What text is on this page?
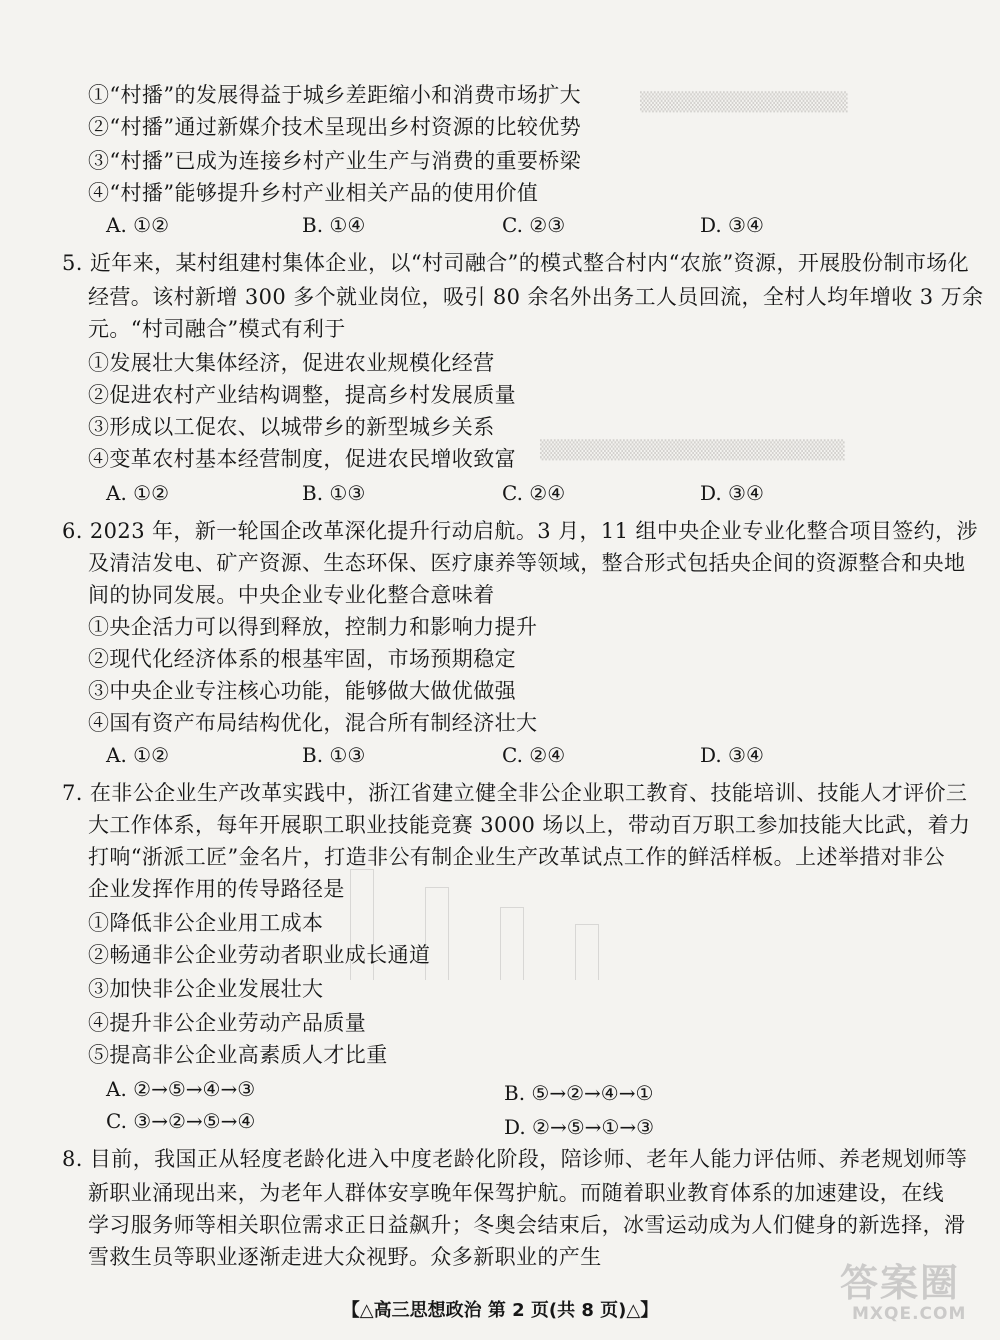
▒▒▒▒▒▒▒▒▒▒▒▒▒▒▒
▒▒▒▒▒▒▒▒▒▒▒▒▒▒▒▒▒▒▒▒▒▒
①“村播”的发展得益于城乡差距缩小和消费市场扩大
②“村播”通过新媒介技术呈现出乡村资源的比较优势
③“村播”已成为连接乡村产业生产与消费的重要桥梁
④“村播”能够提升乡村产业相关产品的使用价值
A. ①②	B. ①④	C. ②③	D. ③④
5. 近年来，某村组建村集体企业，以“村司融合”的模式整合村内“农旅”资源，开展股份制市场化
经营。该村新增 300 多个就业岗位，吸引 80 余名外出务工人员回流，全村人均年增收 3 万余
元。“村司融合”模式有利于
①发展壮大集体经济，促进农业规模化经营
②促进农村产业结构调整，提高乡村发展质量
③形成以工促农、以城带乡的新型城乡关系
④变革农村基本经营制度，促进农民增收致富
A. ①②	B. ①③	C. ②④	D. ③④
6. 2023 年，新一轮国企改革深化提升行动启航。3 月，11 组中央企业专业化整合项目签约，涉
及清洁发电、矿产资源、生态环保、医疗康养等领域，整合形式包括央企间的资源整合和央地
间的协同发展。中央企业专业化整合意味着
①央企活力可以得到释放，控制力和影响力提升
②现代化经济体系的根基牢固，市场预期稳定
③中央企业专注核心功能，能够做大做优做强
④国有资产布局结构优化，混合所有制经济壮大
A. ①②	B. ①③	C. ②④	D. ③④
7. 在非公企业生产改革实践中，浙江省建立健全非公企业职工教育、技能培训、技能人才评价三
大工作体系，每年开展职工职业技能竞赛 3000 场以上，带动百万职工参加技能大比武，着力
打响“浙派工匠”金名片，打造非公有制企业生产改革试点工作的鲜活样板。上述举措对非公
企业发挥作用的传导路径是
①降低非公企业用工成本
②畅通非公企业劳动者职业成长通道
③加快非公企业发展壮大
④提升非公企业劳动产品质量
⑤提高非公企业高素质人才比重
A. ②→⑤→④→③	B. ⑤→②→④→①
C. ③→②→⑤→④	D. ②→⑤→①→③
8. 目前，我国正从轻度老龄化进入中度老龄化阶段，陪诊师、老年人能力评估师、养老规划师等
新职业涌现出来，为老年人群体安享晚年保驾护航。而随着职业教育体系的加速建设，在线
学习服务师等相关职位需求正日益飙升；冬奥会结束后，冰雪运动成为人们健身的新选择，滑
雪救生员等职业逐渐走进大众视野。众多新职业的产生
【△高三思想政治 第 2 页(共 8 页)△】
答案圈
MXQE.COM
